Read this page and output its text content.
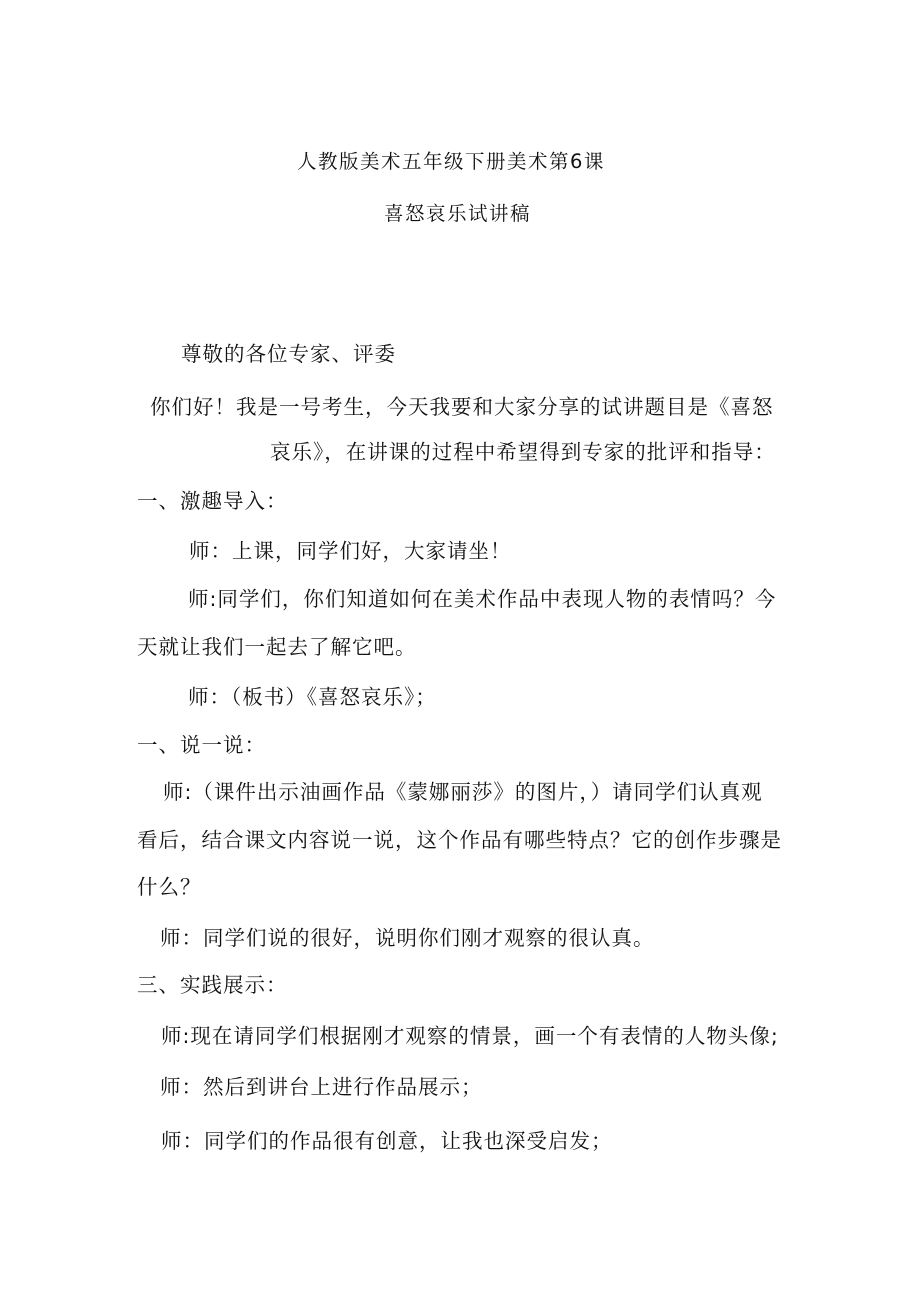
人教版美术五年级下册美术第6课
喜怒哀乐试讲稿
尊敬的各位专家、评委
你们好！我是一号考生，今天我要和大家分享的试讲题目是《喜怒
哀乐》，在讲课的过程中希望得到专家的批评和指导：
一、激趣导入：
师：上课，同学们好，大家请坐！
师:同学们，你们知道如何在美术作品中表现人物的表情吗？今
天就让我们一起去了解它吧。
师：（板书）《喜怒哀乐》；
一、说一说：
师:（课件出示油画作品《蒙娜丽莎》的图片，）请同学们认真观
看后，结合课文内容说一说，这个作品有哪些特点？它的创作步骤是
什么？
师：同学们说的很好，说明你们刚才观察的很认真。
三、实践展示：
师:现在请同学们根据刚才观察的情景，画一个有表情的人物头像;
师：然后到讲台上进行作品展示；
师：同学们的作品很有创意，让我也深受启发；
